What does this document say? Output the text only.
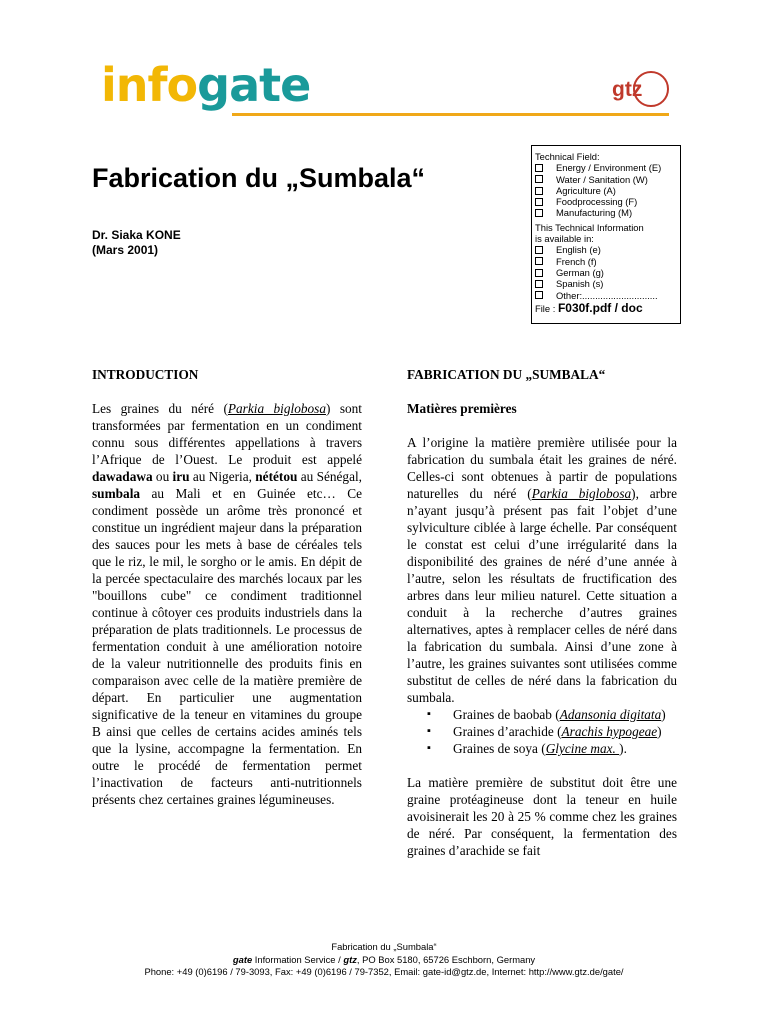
infogate	gtz
Fabrication du „Sumbala“
Dr. Siaka KONE
(Mars 2001)
Technical Field:
Energy / Environment (E)
Water / Sanitation (W)
Agriculture (A)
Foodprocessing (F)
Manufacturing (M)
This Technical Information
is available in:
English (e)
French (f)
German (g)
Spanish (s)
Other:.............................
File : F030f.pdf / doc

INTRODUCTION

Les graines du néré (Parkia biglobosa) sont transformées par fermentation en un condiment connu sous différentes appellations à travers l’Afrique de l’Ouest. Le produit est appelé dawadawa ou iru au Nigeria, nététou au Sénégal, sumbala au Mali et en Guinée etc… Ce condiment possède un arôme très prononcé et constitue un ingrédient majeur dans la préparation des sauces pour les mets à base de céréales tels que le riz, le mil, le sorgho or le amis. En dépit de la percée spectaculaire des marchés locaux par les "bouillons cube" ce condiment traditionnel continue à côtoyer ces produits industriels dans la préparation de plats traditionnels. Le processus de fermentation conduit à une amélioration notoire de la valeur nutritionnelle des produits finis en comparaison avec celle de la matière première de départ. En particulier une augmentation significative de la teneur en vitamines du groupe B ainsi que celles de certains acides aminés tels que la lysine, accompagne la fermentation. En outre le procédé de fermentation permet l’inactivation de facteurs anti-nutritionnels présents chez certaines graines légumineuses.

FABRICATION DU „SUMBALA“

Matières premières

A l’origine la matière première utilisée pour la fabrication du sumbala était les graines de néré. Celles-ci sont obtenues à partir de populations naturelles du néré (Parkia biglobosa), arbre n’ayant jusqu’à présent pas fait l’objet d’une sylviculture ciblée à large échelle. Par conséquent le constat est celui d’une irrégularité dans la disponibilité des graines de néré d’une année à l’autre, selon les résultats de fructification des arbres dans leur milieu naturel. Cette situation a conduit à la recherche d’autres graines alternatives, aptes à remplacer celles de néré dans la fabrication du sumbala. Ainsi d’une zone à l’autre, les graines suivantes sont utilisées comme substitut de celles de néré dans la fabrication du sumbala.

▪ Graines de baobab (Adansonia digitata)
▪ Graines d’arachide (Arachis hypogeae)
▪ Graines de soya (Glycine max. ).

La matière première de substitut doit être une graine protéagineuse dont la teneur en huile avoisinerait les 20 à 25 % comme chez les graines de néré. Par conséquent, la fermentation des graines d’arachide se fait

Fabrication du „Sumbala“
gate Information Service / gtz, PO Box 5180, 65726 Eschborn, Germany
Phone: +49 (0)6196 / 79-3093, Fax: +49 (0)6196 / 79-7352, Email: gate-id@gtz.de, Internet: http://www.gtz.de/gate/
